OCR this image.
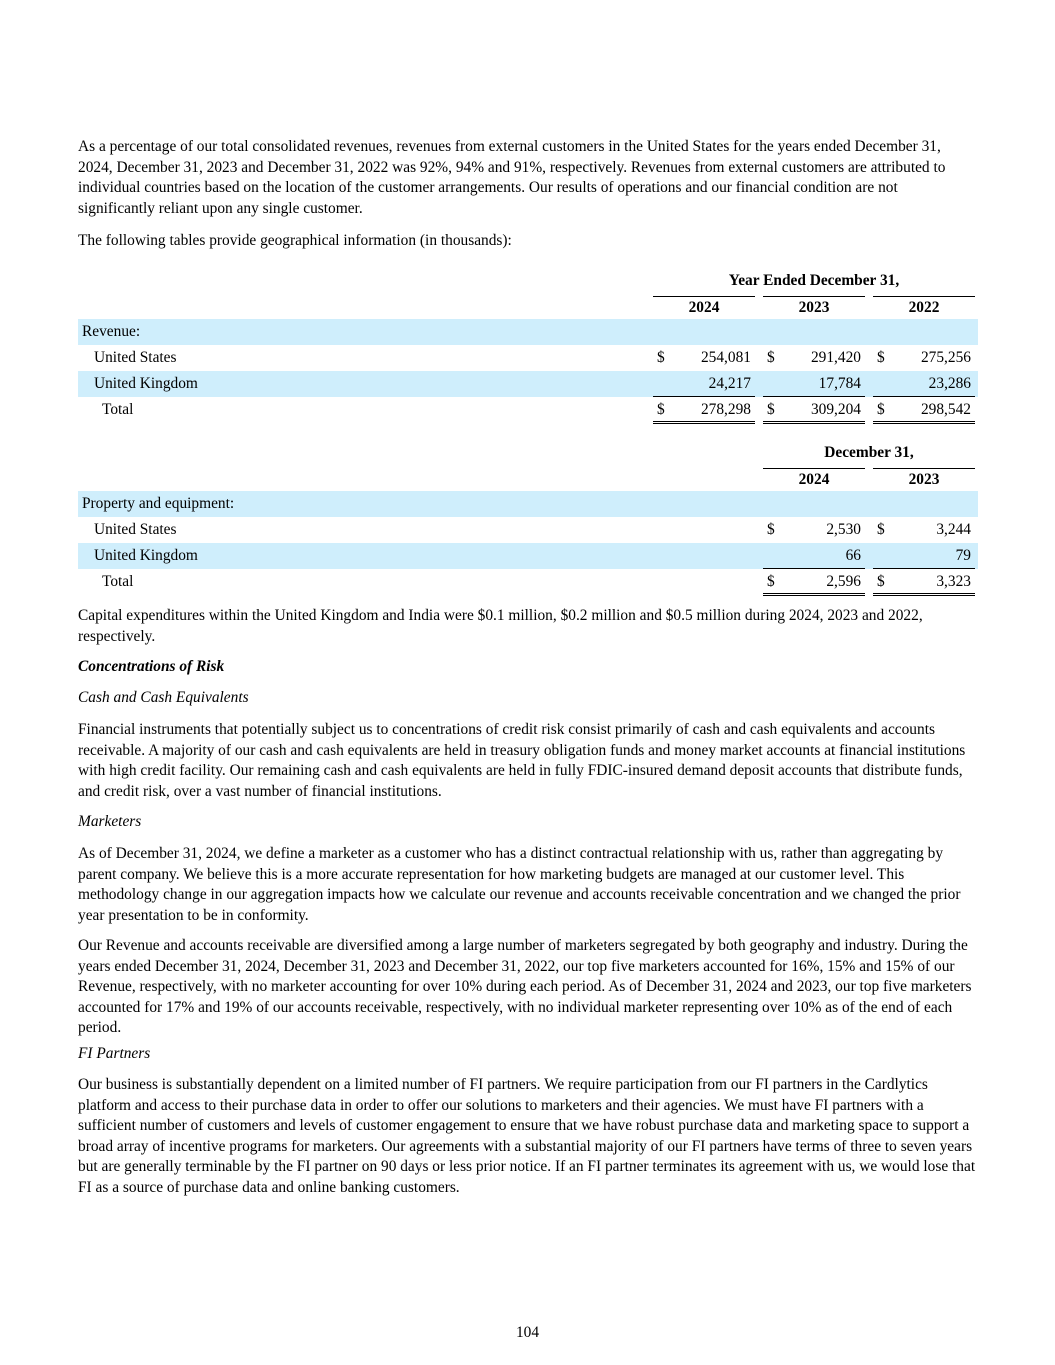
As a percentage of our total consolidated revenues, revenues from external customers in the United States for the years ended December 31, 2024, December 31, 2023 and December 31, 2022 was 92%, 94% and 91%, respectively. Revenues from external customers are attributed to individual countries based on the location of the customer arrangements. Our results of operations and our financial condition are not significantly reliant upon any single customer.

The following tables provide geographical information (in thousands):

Year Ended December 31,
2024	2023	2022
Revenue:
United States	$ 254,081 $ 291,420 $ 275,256
United Kingdom	24,217	17,784	23,286
Total	$ 278,298 $ 309,204 $ 298,542
December 31,
2024	2023
Property and equipment:
United States	$	2,530 $	3,244
United Kingdom	66	79
Total	$	2,596 $	3,323

Capital expenditures within the United Kingdom and India were $0.1 million, $0.2 million and $0.5 million during 2024, 2023 and 2022, respectively.

Concentrations of Risk

Cash and Cash Equivalents

Financial instruments that potentially subject us to concentrations of credit risk consist primarily of cash and cash equivalents and accounts receivable. A majority of our cash and cash equivalents are held in treasury obligation funds and money market accounts at financial institutions with high credit facility. Our remaining cash and cash equivalents are held in fully FDIC-insured demand deposit accounts that distribute funds, and credit risk, over a vast number of financial institutions.

Marketers

As of December 31, 2024, we define a marketer as a customer who has a distinct contractual relationship with us, rather than aggregating by parent company. We believe this is a more accurate representation for how marketing budgets are managed at our customer level. This methodology change in our aggregation impacts how we calculate our revenue and accounts receivable concentration and we changed the prior year presentation to be in conformity.

Our Revenue and accounts receivable are diversified among a large number of marketers segregated by both geography and industry. During the years ended December 31, 2024, December 31, 2023 and December 31, 2022, our top five marketers accounted for 16%, 15% and 15% of our Revenue, respectively, with no marketer accounting for over 10% during each period. As of December 31, 2024 and 2023, our top five marketers accounted for 17% and 19% of our accounts receivable, respectively, with no individual marketer representing over 10% as of the end of each period.

FI Partners

Our business is substantially dependent on a limited number of FI partners. We require participation from our FI partners in the Cardlytics platform and access to their purchase data in order to offer our solutions to marketers and their agencies. We must have FI partners with a sufficient number of customers and levels of customer engagement to ensure that we have robust purchase data and marketing space to support a broad array of incentive programs for marketers. Our agreements with a substantial majority of our FI partners have terms of three to seven years but are generally terminable by the FI partner on 90 days or less prior notice. If an FI partner terminates its agreement with us, we would lose that FI as a source of purchase data and online banking customers.

104
